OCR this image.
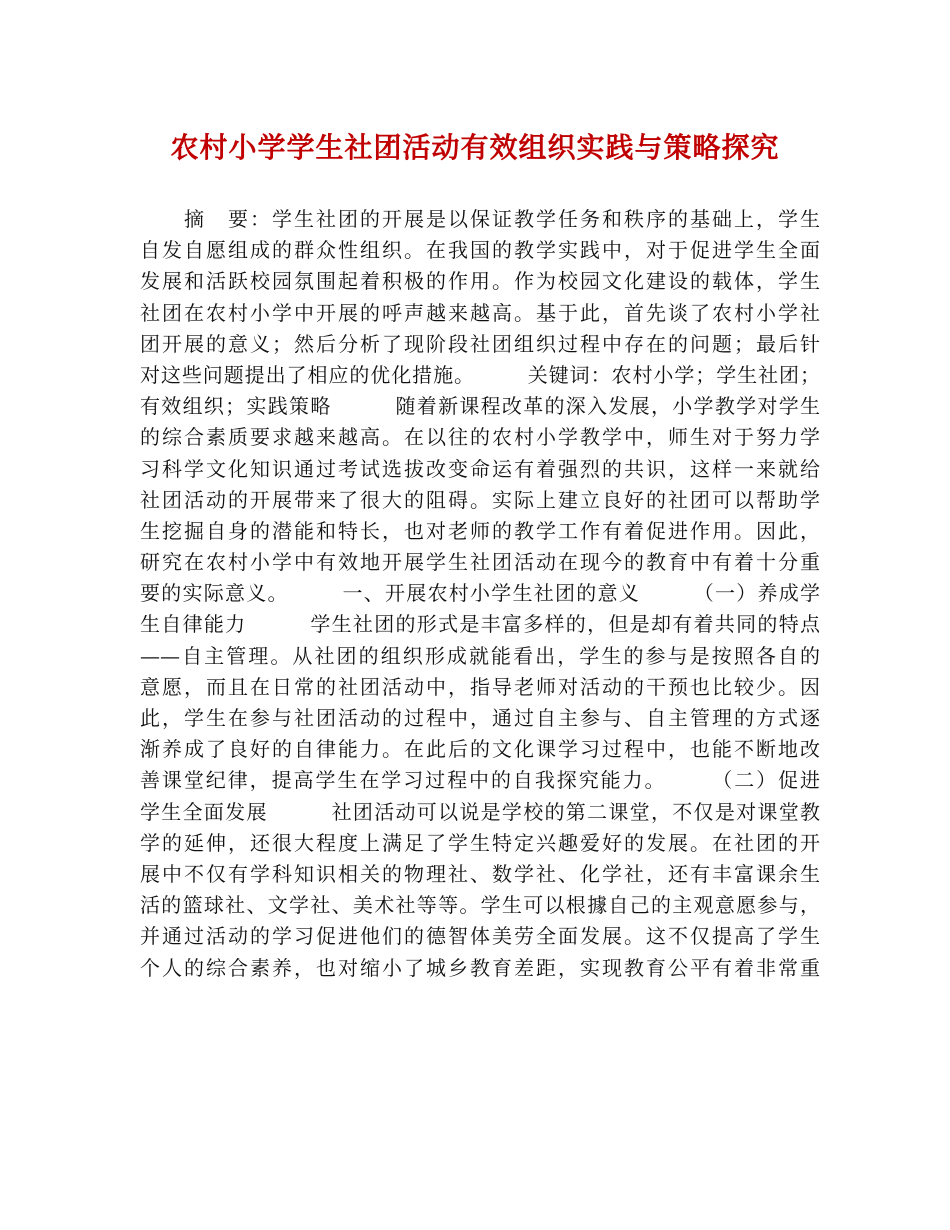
农村小学学生社团活动有效组织实践与策略探究
　　摘　要：学生社团的开展是以保证教学任务和秩序的基础上，学生
自发自愿组成的群众性组织。在我国的教学实践中，对于促进学生全面
发展和活跃校园氛围起着积极的作用。作为校园文化建设的载体，学生
社团在农村小学中开展的呼声越来越高。基于此，首先谈了农村小学社
团开展的意义；然后分析了现阶段社团组织过程中存在的问题；最后针
对这些问题提出了相应的优化措施。　　　关键词：农村小学；学生社团；
有效组织；实践策略　　　随着新课程改革的深入发展，小学教学对学生
的综合素质要求越来越高。在以往的农村小学教学中，师生对于努力学
习科学文化知识通过考试选拔改变命运有着强烈的共识，这样一来就给
社团活动的开展带来了很大的阻碍。实际上建立良好的社团可以帮助学
生挖掘自身的潜能和特长，也对老师的教学工作有着促进作用。因此，
研究在农村小学中有效地开展学生社团活动在现今的教育中有着十分重
要的实际意义。　　　一、开展农村小学生社团的意义　　　（一）养成学
生自律能力　　　学生社团的形式是丰富多样的，但是却有着共同的特点
——自主管理。从社团的组织形成就能看出，学生的参与是按照各自的
意愿，而且在日常的社团活动中，指导老师对活动的干预也比较少。因
此，学生在参与社团活动的过程中，通过自主参与、自主管理的方式逐
渐养成了良好的自律能力。在此后的文化课学习过程中，也能不断地改
善课堂纪律，提高学生在学习过程中的自我探究能力。　　　（二）促进
学生全面发展　　　社团活动可以说是学校的第二课堂，不仅是对课堂教
学的延伸，还很大程度上满足了学生特定兴趣爱好的发展。在社团的开
展中不仅有学科知识相关的物理社、数学社、化学社，还有丰富课余生
活的篮球社、文学社、美术社等等。学生可以根據自己的主观意愿参与，
并通过活动的学习促进他们的德智体美劳全面发展。这不仅提高了学生
个人的综合素养，也对缩小了城乡教育差距，实现教育公平有着非常重
